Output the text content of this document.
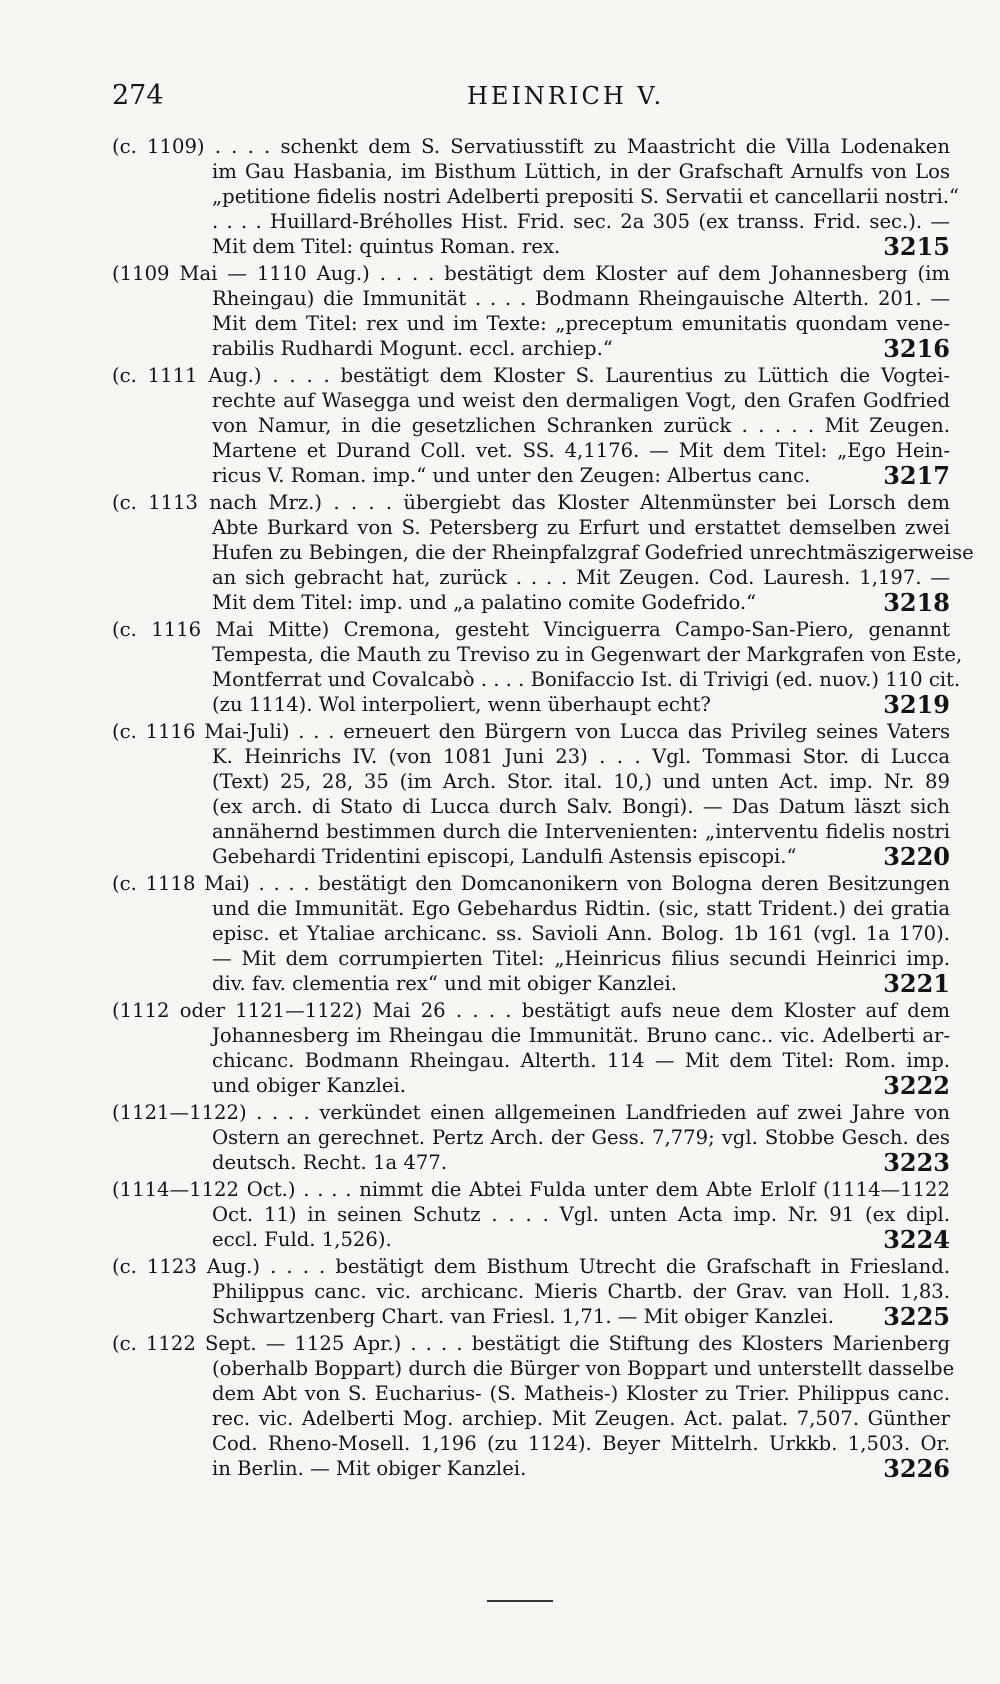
274	HEINRICH V.
(c. 1109) . . . . schenkt dem S. Servatiusstift zu Maastricht die Villa Lodenaken
im Gau Hasbania, im Bisthum Lüttich, in der Grafschaft Arnulfs von Los
„petitione fidelis nostri Adelberti prepositi S. Servatii et cancellarii nostri.“
. . . . Huillard-Bréholles Hist. Frid. sec. 2a 305 (ex transs. Frid. sec.). —
Mit dem Titel: quintus Roman. rex.	3215
(1109 Mai — 1110 Aug.) . . . . bestätigt dem Kloster auf dem Johannesberg (im
Rheingau) die Immunität . . . . Bodmann Rheingauische Alterth. 201. —
Mit dem Titel: rex und im Texte: „preceptum emunitatis quondam vene-
rabilis Rudhardi Mogunt. eccl. archiep.“	3216
(c. 1111 Aug.) . . . . bestätigt dem Kloster S. Laurentius zu Lüttich die Vogtei-
rechte auf Wasegga und weist den dermaligen Vogt, den Grafen Godfried
von Namur, in die gesetzlichen Schranken zurück . . . . . Mit Zeugen.
Martene et Durand Coll. vet. SS. 4,1176. — Mit dem Titel: „Ego Hein-
ricus V. Roman. imp.“ und unter den Zeugen: Albertus canc.	3217
(c. 1113 nach Mrz.) . . . . übergiebt das Kloster Altenmünster bei Lorsch dem
Abte Burkard von S. Petersberg zu Erfurt und erstattet demselben zwei
Hufen zu Bebingen, die der Rheinpfalzgraf Godefried unrechtmäszigerweise
an sich gebracht hat, zurück . . . . Mit Zeugen. Cod. Lauresh. 1,197. —
Mit dem Titel: imp. und „a palatino comite Godefrido.“	3218
(c. 1116 Mai Mitte) Cremona, gesteht Vinciguerra Campo-San-Piero, genannt
Tempesta, die Mauth zu Treviso zu in Gegenwart der Markgrafen von Este,
Montferrat und Covalcabò . . . . Bonifaccio Ist. di Trivigi (ed. nuov.) 110 cit.
(zu 1114). Wol interpoliert, wenn überhaupt echt?	3219
(c. 1116 Mai-Juli) . . . erneuert den Bürgern von Lucca das Privileg seines Vaters
K. Heinrichs IV. (von 1081 Juni 23) . . . Vgl. Tommasi Stor. di Lucca
(Text) 25, 28, 35 (im Arch. Stor. ital. 10,) und unten Act. imp. Nr. 89
(ex arch. di Stato di Lucca durch Salv. Bongi). — Das Datum läszt sich
annähernd bestimmen durch die Intervenienten: „interventu fidelis nostri
Gebehardi Tridentini episcopi, Landulfi Astensis episcopi.“	3220
(c. 1118 Mai) . . . . bestätigt den Domcanonikern von Bologna deren Besitzungen
und die Immunität. Ego Gebehardus Ridtin. (sic, statt Trident.) dei gratia
episc. et Ytaliae archicanc. ss. Savioli Ann. Bolog. 1b 161 (vgl. 1a 170).
— Mit dem corrumpierten Titel: „Heinricus filius secundi Heinrici imp.
div. fav. clementia rex“ und mit obiger Kanzlei.	3221
(1112 oder 1121—1122) Mai 26 . . . . bestätigt aufs neue dem Kloster auf dem
Johannesberg im Rheingau die Immunität. Bruno canc.. vic. Adelberti ar-
chicanc. Bodmann Rheingau. Alterth. 114 — Mit dem Titel: Rom. imp.
und obiger Kanzlei.	3222
(1121—1122) . . . . verkündet einen allgemeinen Landfrieden auf zwei Jahre von
Ostern an gerechnet. Pertz Arch. der Gess. 7,779; vgl. Stobbe Gesch. des
deutsch. Recht. 1a 477.	3223
(1114—1122 Oct.) . . . . nimmt die Abtei Fulda unter dem Abte Erlolf (1114—1122
Oct. 11) in seinen Schutz . . . . Vgl. unten Acta imp. Nr. 91 (ex dipl.
eccl. Fuld. 1,526).	3224
(c. 1123 Aug.) . . . . bestätigt dem Bisthum Utrecht die Grafschaft in Friesland.
Philippus canc. vic. archicanc. Mieris Chartb. der Grav. van Holl. 1,83.
Schwartzenberg Chart. van Friesl. 1,71. — Mit obiger Kanzlei.	3225
(c. 1122 Sept. — 1125 Apr.) . . . . bestätigt die Stiftung des Klosters Marienberg
(oberhalb Boppart) durch die Bürger von Boppart und unterstellt dasselbe
dem Abt von S. Eucharius- (S. Matheis-) Kloster zu Trier. Philippus canc.
rec. vic. Adelberti Mog. archiep. Mit Zeugen. Act. palat. 7,507. Günther
Cod. Rheno-Mosell. 1,196 (zu 1124). Beyer Mittelrh. Urkkb. 1,503. Or.
in Berlin. — Mit obiger Kanzlei.	3226
